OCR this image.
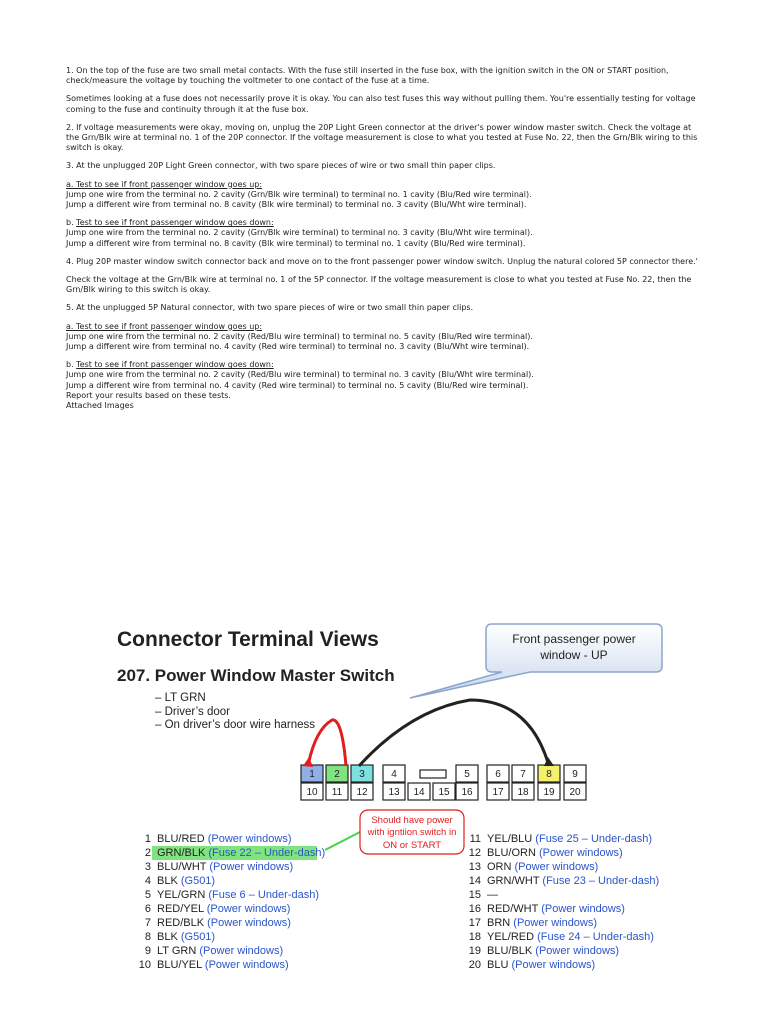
1. On the top of the fuse are two small metal contacts. With the fuse still inserted in the fuse box, with the ignition switch in the ON or START position, check/measure the voltage by touching the voltmeter to one contact of the fuse at a time.

Sometimes looking at a fuse does not necessarily prove it is okay. You can also test fuses this way without pulling them. You're essentially testing for voltage coming to the fuse and continuity through it at the fuse box.

2. If voltage measurements were okay, moving on, unplug the 20P Light Green connector at the driver's power window master switch. Check the voltage at the Grn/Blk wire at terminal no. 1 of the 20P connector. If the voltage measurement is close to what you tested at Fuse No. 22, then the Grn/Blk wiring to this switch is okay.

3. At the unplugged 20P Light Green connector, with two spare pieces of wire or two small thin paper clips.

a. Test to see if front passenger window goes up:

Jump one wire from the terminal no. 2 cavity (Grn/Blk wire terminal) to terminal no. 1 cavity (Blu/Red wire terminal).

Jump a different wire from terminal no. 8 cavity (Blk wire terminal) to terminal no. 3 cavity (Blu/Wht wire terminal).

b. Test to see if front passenger window goes down:

Jump one wire from the terminal no. 2 cavity (Grn/Blk wire terminal) to terminal no. 3 cavity (Blu/Wht wire terminal).

Jump a different wire from terminal no. 8 cavity (Blk wire terminal) to terminal no. 1 cavity (Blu/Red wire terminal).

4. Plug 20P master window switch connector back and move on to the front passenger power window switch. Unplug the natural colored 5P connector there.'

Check the voltage at the Grn/Blk wire at terminal no. 1 of the 5P connector. If the voltage measurement is close to what you tested at Fuse No. 22, then the Grn/Blk wiring to this switch is okay.

5. At the unplugged 5P Natural connector, with two spare pieces of wire or two small thin paper clips.

a. Test to see if front passenger window goes up:

Jump one wire from the terminal no. 2 cavity (Red/Blu wire terminal) to terminal no. 5 cavity (Blu/Red wire terminal).

Jump a different wire from terminal no. 4 cavity (Red wire terminal) to terminal no. 3 cavity (Blu/Wht wire terminal).

b. Test to see if front passenger window goes down:

Jump one wire from the terminal no. 2 cavity (Red/Blu wire terminal) to terminal no. 3 cavity (Blu/Wht wire terminal).

Jump a different wire from terminal no. 4 cavity (Red wire terminal) to terminal no. 5 cavity (Blu/Red wire terminal).

Report your results based on these tests.

Attached Images

Connector Terminal Views
207. Power Window Master Switch
– LT GRN
– Driver’s door
– On driver’s door wire harness
Front passenger power
window - UP
1 2 3	4	5	6 7 8 9
10 11 12 13 14 15 16 17 18 19 20
Should have power
with igntiion switch in
ON or START
1 BLU/RED (Power windows)
2 GRN/BLK (Fuse 22 – Under-dash)
3 BLU/WHT (Power windows)
4 BLK (G501)
5 YEL/GRN (Fuse 6 – Under-dash)
6 RED/YEL (Power windows)
7 RED/BLK (Power windows)
8 BLK (G501)
9 LT GRN (Power windows)
10 BLU/YEL (Power windows)
11 YEL/BLU (Fuse 25 – Under-dash)
12 BLU/ORN (Power windows)
13 ORN (Power windows)
14 GRN/WHT (Fuse 23 – Under-dash)
15 —
16 RED/WHT (Power windows)
17 BRN (Power windows)
18 YEL/RED (Fuse 24 – Under-dash)
19 BLU/BLK (Power windows)
20 BLU (Power windows)
